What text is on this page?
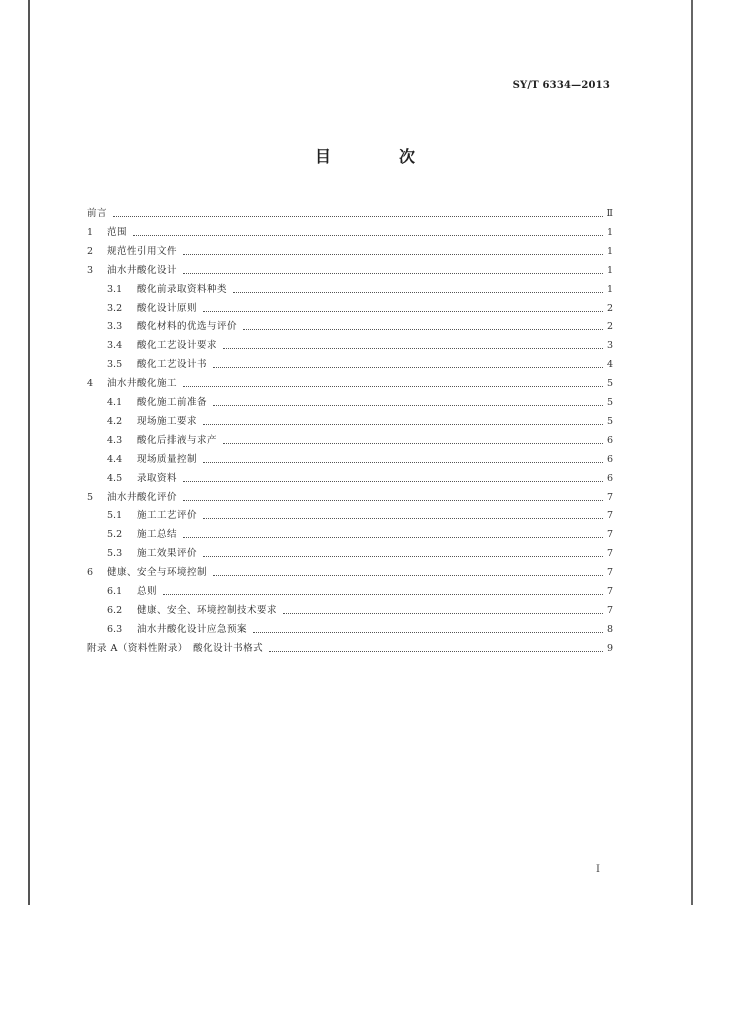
SY/T 6334—2013
目　次
前言	Ⅱ
1	范围	1
2	规范性引用文件	1
3	油水井酸化设计	1
3.1	酸化前录取资料种类	1
3.2	酸化设计原则	2
3.3	酸化材料的优选与评价	2
3.4	酸化工艺设计要求	3
3.5	酸化工艺设计书	4
4	油水井酸化施工	5
4.1	酸化施工前准备	5
4.2	现场施工要求	5
4.3	酸化后排液与求产	6
4.4	现场质量控制	6
4.5	录取资料	6
5	油水井酸化评价	7
5.1	施工工艺评价	7
5.2	施工总结	7
5.3	施工效果评价	7
6	健康、安全与环境控制	7
6.1	总则	7
6.2	健康、安全、环境控制技术要求	7
6.3	油水井酸化设计应急预案	8
附录 A（资料性附录）　酸化设计书格式	9
I
